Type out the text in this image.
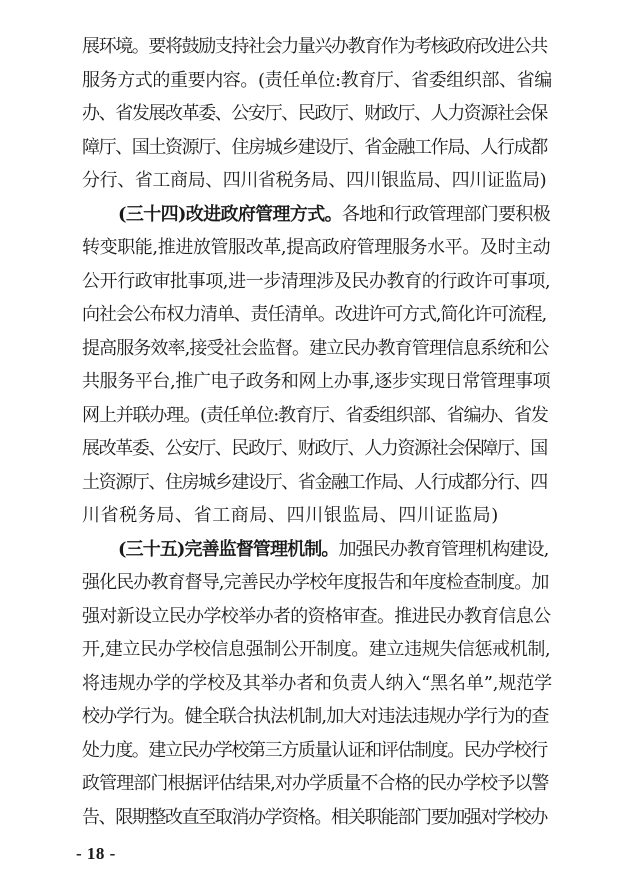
展环境。要将鼓励支持社会力量兴办教育作为考核政府改进公共
服务方式的重要内容。(责任单位:教育厅、省委组织部、省编
办、省发展改革委、公安厅、民政厅、财政厅、人力资源社会保
障厅、国土资源厅、住房城乡建设厅、省金融工作局、人行成都
分行、省工商局、四川省税务局、四川银监局、四川证监局)
(三十四)改进政府管理方式。各地和行政管理部门要积极
转变职能,推进放管服改革,提高政府管理服务水平。及时主动
公开行政审批事项,进一步清理涉及民办教育的行政许可事项,
向社会公布权力清单、责任清单。改进许可方式,简化许可流程,
提高服务效率,接受社会监督。建立民办教育管理信息系统和公
共服务平台,推广电子政务和网上办事,逐步实现日常管理事项
网上并联办理。(责任单位:教育厅、省委组织部、省编办、省发
展改革委、公安厅、民政厅、财政厅、人力资源社会保障厅、国
土资源厅、住房城乡建设厅、省金融工作局、人行成都分行、四
川省税务局、省工商局、四川银监局、四川证监局)
(三十五)完善监督管理机制。加强民办教育管理机构建设,
强化民办教育督导,完善民办学校年度报告和年度检查制度。加
强对新设立民办学校举办者的资格审查。推进民办教育信息公
开,建立民办学校信息强制公开制度。建立违规失信惩戒机制,
将违规办学的学校及其举办者和负责人纳入“黑名单”,规范学
校办学行为。健全联合执法机制,加大对违法违规办学行为的查
处力度。建立民办学校第三方质量认证和评估制度。民办学校行
政管理部门根据评估结果,对办学质量不合格的民办学校予以警
告、限期整改直至取消办学资格。相关职能部门要加强对学校办
- 18 -
